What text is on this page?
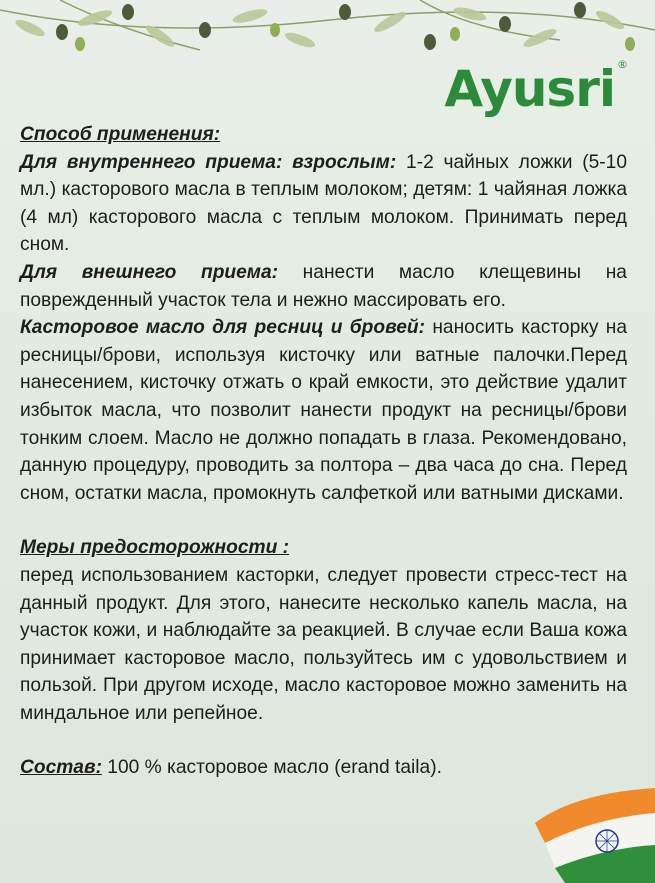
Ayusri ®

Способ применения:

Для внутреннего приема: взрослым: 1-2 чайных ложки (5-10 мл.) касторового масла в теплым молоком; детям: 1 чайяная ложка (4 мл) касторового масла с теплым молоком. Принимать перед сном.

Для внешнего приема: нанести масло клещевины на поврежденный участок тела и нежно массировать его.

Касторовое масло для ресниц и бровей: наносить касторку на ресницы/брови, используя кисточку или ватные палочки.Перед нанесением, кисточку отжать о край емкости, это действие удалит избыток масла, что позволит нанести продукт на ресницы/брови тонким слоем. Масло не должно попадать в глаза. Рекомендовано, данную процедуру, проводить за полтора – два часа до сна. Перед сном, остатки масла, промокнуть салфеткой или ватными дисками.

Меры предосторожности :

перед использованием касторки, следует провести стресс-тест на данный продукт. Для этого, нанесите несколько капель масла, на участок кожи, и наблюдайте за реакцией. В случае если Ваша кожа принимает касторовое масло, пользуйтесь им с удовольствием и пользой. При другом исходе, масло касторовое можно заменить на миндальное или репейное.

Состав: 100 % касторовое масло (erand taila).
